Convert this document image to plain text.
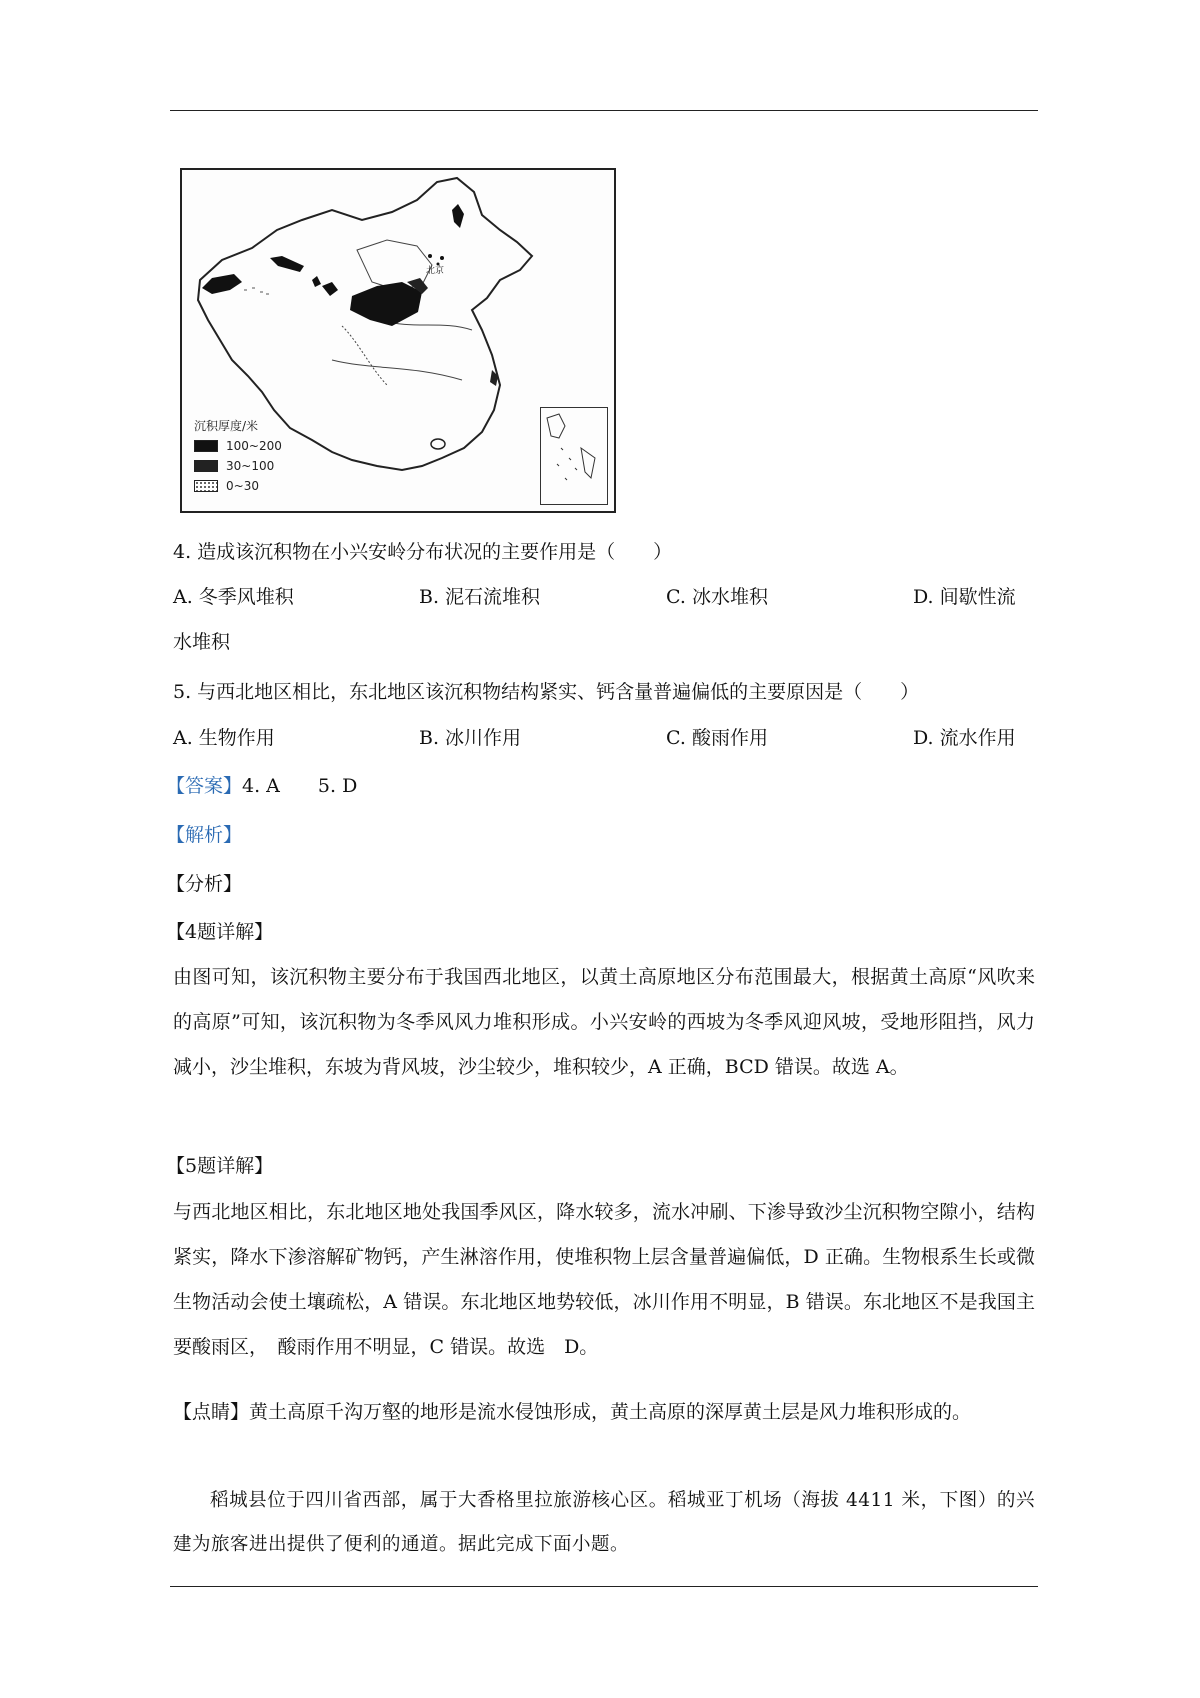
北京
沉积厚度/米
100~200
30~100
0~30
4. 造成该沉积物在小兴安岭分布状况的主要作用是（　　）
A. 冬季风堆积	B. 泥石流堆积	C. 冰水堆积	D. 间歇性流
水堆积
5. 与西北地区相比，东北地区该沉积物结构紧实、钙含量普遍偏低的主要原因是（　　）
A. 生物作用	B. 冰川作用	C. 酸雨作用	D. 流水作用
【答案】4. A　　5. D
【解析】
【分析】
【4题详解】
由图可知，该沉积物主要分布于我国西北地区，以黄土高原地区分布范围最大，根据黄土高原“风吹来的高原”可知，该沉积物为冬季风风力堆积形成。小兴安岭的西坡为冬季风迎风坡，受地形阻挡，风力减小，沙尘堆积，东坡为背风坡，沙尘较少，堆积较少，A 正确，BCD 错误。故选 A。
【5题详解】
与西北地区相比，东北地区地处我国季风区，降水较多，流水冲刷、下渗导致沙尘沉积物空隙小，结构紧实，降水下渗溶解矿物钙，产生淋溶作用，使堆积物上层含量普遍偏低，D 正确。生物根系生长或微生物活动会使土壤疏松，A 错误。东北地区地势较低，冰川作用不明显，B 错误。东北地区不是我国主要酸雨区，　酸雨作用不明显，C 错误。故选　D。
【点睛】黄土高原千沟万壑的地形是流水侵蚀形成，黄土高原的深厚黄土层是风力堆积形成的。
稻城县位于四川省西部，属于大香格里拉旅游核心区。稻城亚丁机场（海拔 4411 米，下图）的兴建为旅客进出提供了便利的通道。据此完成下面小题。
